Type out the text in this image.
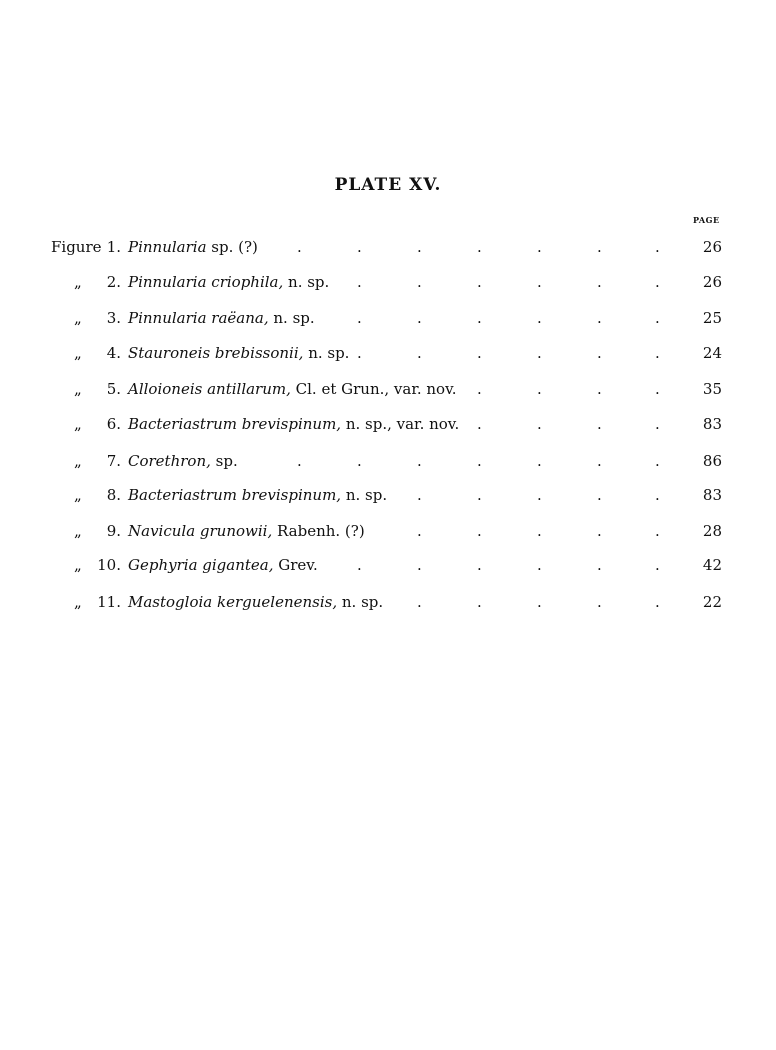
PLATE XV.
PAGE
Figure 1. Pinnularia sp. (?)	26
.	.	.	.	.	.	.
„ 2. Pinnularia criophila, n. sp.	26
.	.	.	.	.	.
„ 3. Pinnularia raëana, n. sp.	25
.	.	.	.	.	.
„ 4. Stauroneis brebissonii, n. sp.	24
.	.	.	.	.	.
„ 5. Alloioneis antillarum, Cl. et Grun., var. nov.	35
.	.	.	.
„ 6. Bacteriastrum brevispinum, n. sp., var. nov.	83
.	.	.	.
„ 7. Corethron, sp.	86
.	.	.	.	.	.	.
„ 8. Bacteriastrum brevispinum, n. sp.	83
.	.	.	.	.
„ 9. Navicula grunowii, Rabenh. (?)	28
.	.	.	.	.
„ 10. Gephyria gigantea, Grev.	42
.	.	.	.	.	.
„ 11. Mastogloia kerguelenensis, n. sp.	22
.	.	.	.	.
